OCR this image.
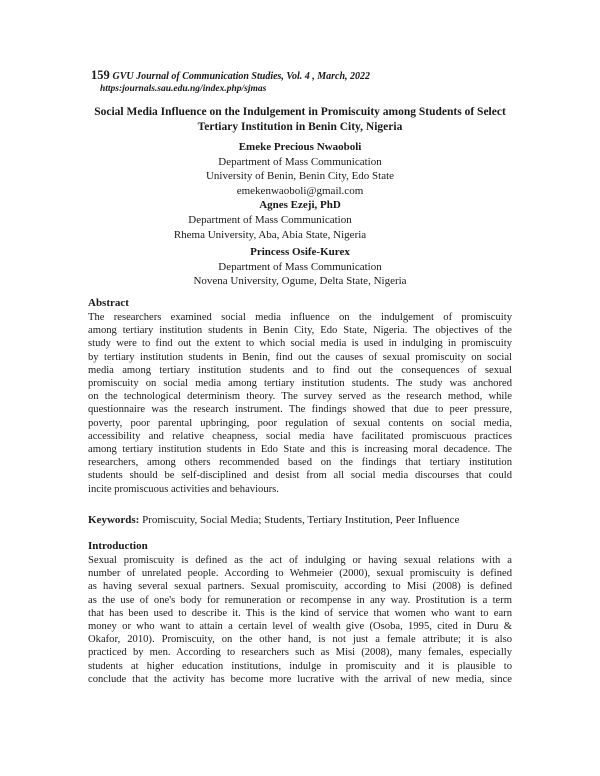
159 GVU Journal of Communication Studies, Vol. 4 , March, 2022
https:journals.sau.edu.ng/index.php/sjmas
Social Media Influence on the Indulgement in Promiscuity among Students of Select
Tertiary Institution in Benin City, Nigeria
Emeke Precious Nwaoboli
Department of Mass Communication
University of Benin, Benin City, Edo State
emekenwaoboli@gmail.com
Agnes Ezeji, PhD
Department of Mass Communication
Rhema University, Aba, Abia State, Nigeria
Princess Osife-Kurex
Department of Mass Communication
Novena University, Ogume, Delta State, Nigeria
Abstract

The researchers examined social media influence on the indulgement of promiscuity

among tertiary institution students in Benin City, Edo State, Nigeria. The objectives of the

study were to find out the extent to which social media is used in indulging in promiscuity

by tertiary institution students in Benin, find out the causes of sexual promiscuity on social

media among tertiary institution students and to find out the consequences of sexual

promiscuity on social media among tertiary institution students. The study was anchored

on the technological determinism theory. The survey served as the research method, while

questionnaire was the research instrument. The findings showed that due to peer pressure,

poverty, poor parental upbringing, poor regulation of sexual contents on social media,

accessibility and relative cheapness, social media have facilitated promiscuous practices

among tertiary institution students in Edo State and this is increasing moral decadence. The

researchers, among others recommended based on the findings that tertiary institution

students should be self-disciplined and desist from all social media discourses that could

incite promiscuous activities and behaviours.

Keywords: Promiscuity, Social Media; Students, Tertiary Institution, Peer Influence
Introduction

Sexual promiscuity is defined as the act of indulging or having sexual relations with a

number of unrelated people. According to Wehmeier (2000), sexual promiscuity is defined

as having several sexual partners. Sexual promiscuity, according to Misi (2008) is defined

as the use of one's body for remuneration or recompense in any way. Prostitution is a term

that has been used to describe it. This is the kind of service that women who want to earn

money or who want to attain a certain level of wealth give (Osoba, 1995, cited in Duru &

Okafor, 2010). Promiscuity, on the other hand, is not just a female attribute; it is also

practiced by men. According to researchers such as Misi (2008), many females, especially

students at higher education institutions, indulge in promiscuity and it is plausible to

conclude that the activity has become more lucrative with the arrival of new media, since
